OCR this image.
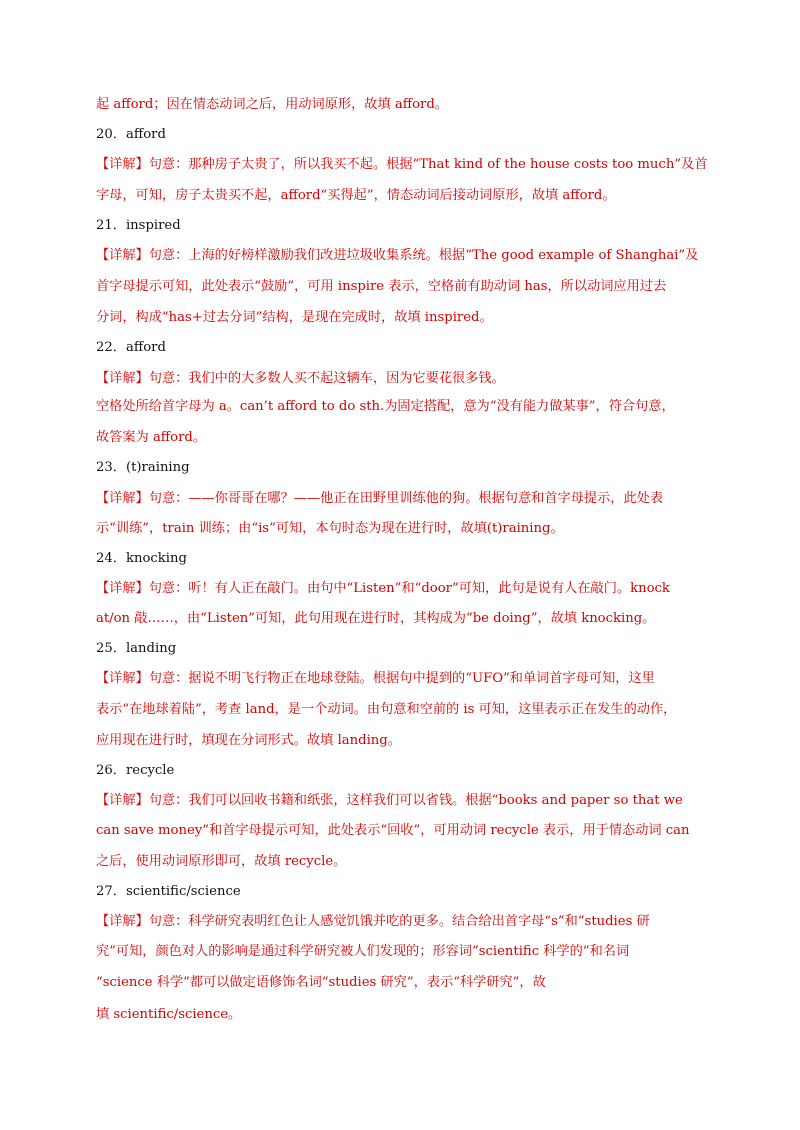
起 afford；因在情态动词之后，用动词原形，故填 afford。
20．afford
【详解】句意：那种房子太贵了，所以我买不起。根据“That kind of the house costs too much”及首
字母，可知，房子太贵买不起，afford“买得起”，情态动词后接动词原形，故填 afford。
21．inspired
【详解】句意：上海的好榜样激励我们改进垃圾收集系统。根据“The good example of Shanghai”及
首字母提示可知，此处表示“鼓励”，可用 inspire 表示，空格前有助动词 has，所以动词应用过去
分词，构成“has+过去分词”结构，是现在完成时，故填 inspired。
22．afford
【详解】句意：我们中的大多数人买不起这辆车，因为它要花很多钱。
空格处所给首字母为 a。can’t afford to do sth.为固定搭配，意为“没有能力做某事”，符合句意，
故答案为 afford。
23．(t)raining
【详解】句意：——你哥哥在哪？——他正在田野里训练他的狗。根据句意和首字母提示，此处表
示“训练”，train 训练；由“is”可知，本句时态为现在进行时，故填(t)raining。
24．knocking
【详解】句意：听！有人正在敲门。由句中“Listen”和“door”可知，此句是说有人在敲门。knock
at/on 敲……，由“Listen”可知，此句用现在进行时，其构成为“be doing”，故填 knocking。
25．landing
【详解】句意：据说不明飞行物正在地球登陆。根据句中提到的“UFO”和单词首字母可知，这里
表示“在地球着陆”，考查 land，是一个动词。由句意和空前的 is 可知，这里表示正在发生的动作，
应用现在进行时，填现在分词形式。故填 landing。
26．recycle
【详解】句意：我们可以回收书籍和纸张，这样我们可以省钱。根据“books and paper so that we
can save money”和首字母提示可知，此处表示“回收”，可用动词 recycle 表示，用于情态动词 can
之后，使用动词原形即可，故填 recycle。
27．scientific/science
【详解】句意：科学研究表明红色让人感觉饥饿并吃的更多。结合给出首字母“s”和“studies 研
究”可知，颜色对人的影响是通过科学研究被人们发现的；形容词“scientific 科学的”和名词
“science 科学”都可以做定语修饰名词“studies 研究”，表示“科学研究”，故
填 scientific/science。
